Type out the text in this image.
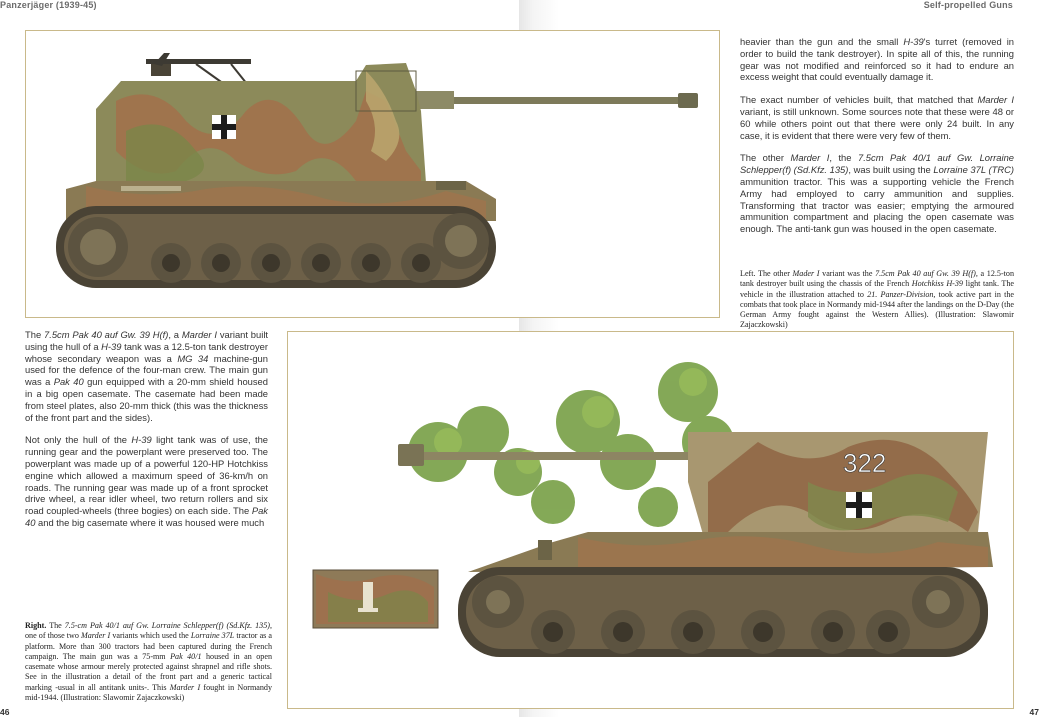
Panzerjäger (1939-45)	Self-propelled Guns

heavier than the gun and the small H-39's turret (removed in order to build the tank destroyer). In spite all of this, the running gear was not modified and reinforced so it had to endure an excess weight that could eventually damage it.

The exact number of vehicles built, that matched that Marder I variant, is still unknown. Some sources note that these were 48 or 60 while others point out that there were only 24 built. In any case, it is evident that there were very few of them.

The other Marder I, the 7.5cm Pak 40/1 auf Gw. Lorraine Schlepper(f) (Sd.Kfz. 135), was built using the Lorraine 37L (TRC) ammunition tractor. This was a supporting vehicle the French Army had employed to carry ammunition and supplies. Transforming that tractor was easier; emptying the armoured ammunition compartment and placing the open casemate was enough. The anti-tank gun was housed in the open casemate.

Left. The other Mader I variant was the 7.5cm Pak 40 auf Gw. 39 H(f), a 12.5-ton tank destroyer built using the chassis of the French Hotchkiss H-39 light tank. The vehicle in the illustration attached to 21. Panzer-Division, took active part in the combats that took place in Normandy mid-1944 after the landings on the D-Day (the German Army fought against the Western Allies). (Illustration: Slawomir Zajaczkowski)

The 7.5cm Pak 40 auf Gw. 39 H(f), a Marder I variant built using the hull of a H-39 tank was a 12.5-ton tank destroyer whose secondary weapon was a MG 34 machine-gun used for the defence of the four-man crew. The main gun was a Pak 40 gun equipped with a 20-mm shield housed in a big open casemate. The casemate had been made from steel plates, also 20-mm thick (this was the thickness of the front part and the sides).

Not only the hull of the H-39 light tank was of use, the running gear and the powerplant were preserved too. The powerplant was made up of a powerful 120-HP Hotchkiss engine which allowed a maximum speed of 36-km/h on roads. The running gear was made up of a front sprocket drive wheel, a rear idler wheel, two return rollers and six road coupled-wheels (three bogies) on each side. The Pak 40 and the big casemate where it was housed were much

Right. The 7.5-cm Pak 40/1 auf Gw. Lorraine Schlepper(f) (Sd.Kfz. 135), one of those two Marder I variants which used the Lorraine 37L tractor as a platform. More than 300 tractors had been captured during the French campaign. The main gun was a 75-mm Pak 40/1 housed in an open casemate whose armour merely protected against shrapnel and rifle shots. See in the illustration a detail of the front part and a generic tactical marking -usual in all antitank units-. This Marder I fought in Normandy mid-1944. (Illustration: Slawomir Zajaczkowski)
322
46	47
